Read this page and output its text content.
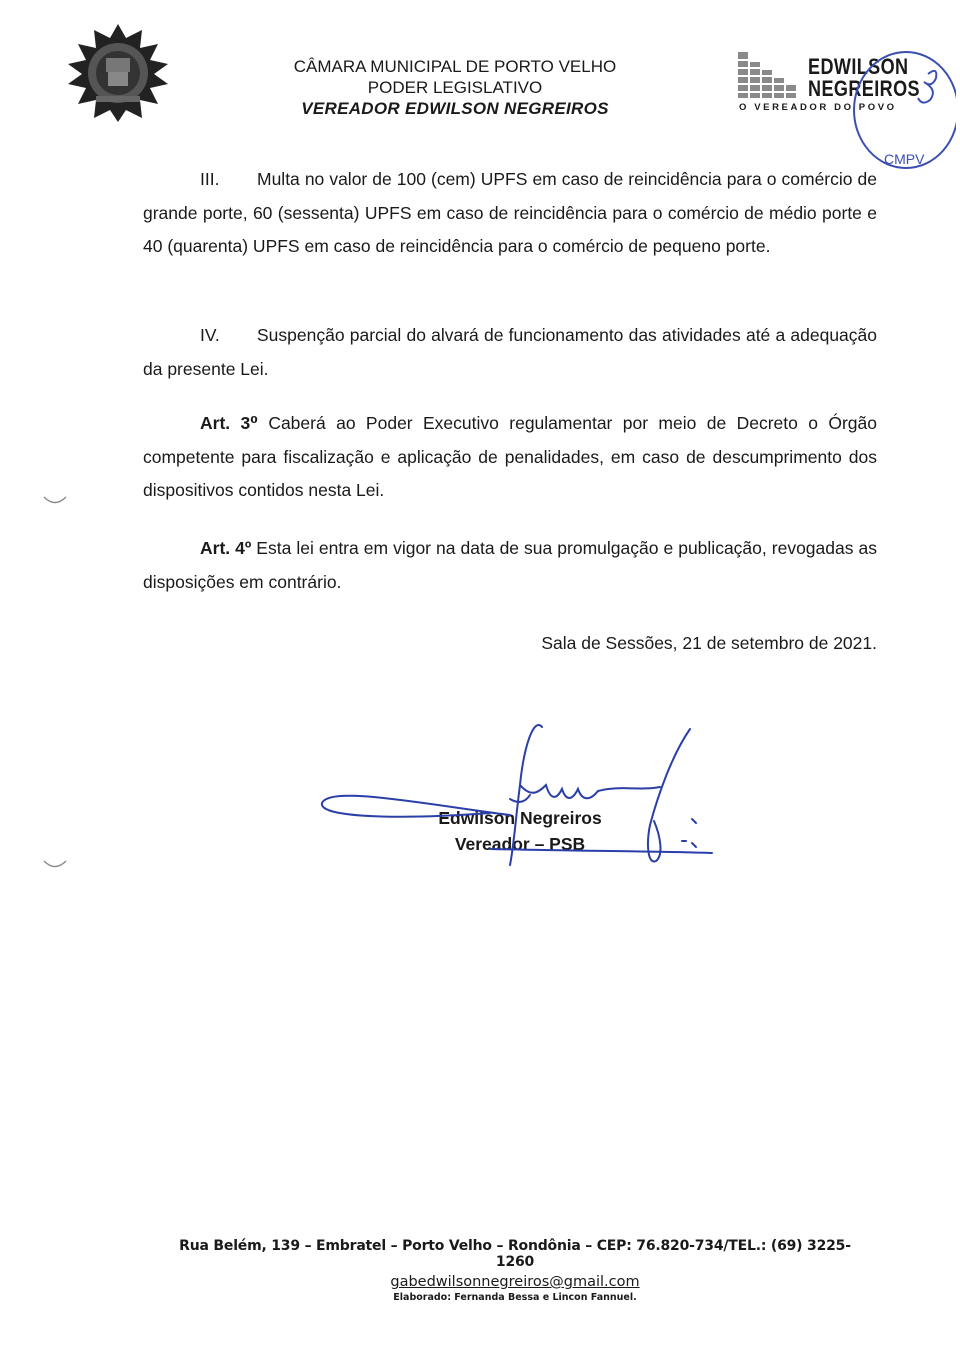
CÂMARA MUNICIPAL DE PORTO VELHO
PODER LEGISLATIVO
VEREADOR EDWILSON NEGREIROS
EDWILSON
NEGREIROS
O VEREADOR DO POVO
CMPV
III. Multa no valor de 100 (cem) UPFS em caso de reincidência para o comércio de grande porte, 60 (sessenta) UPFS em caso de reincidência para o comércio de médio porte e 40 (quarenta) UPFS em caso de reincidência para o comércio de pequeno porte.
IV. Suspenção parcial do alvará de funcionamento das atividades até a adequação da presente Lei.
Art. 3⁰ Caberá ao Poder Executivo regulamentar por meio de Decreto o Órgão competente para fiscalização e aplicação de penalidades, em caso de descumprimento dos dispositivos contidos nesta Lei.
Art. 4º Esta lei entra em vigor na data de sua promulgação e publicação, revogadas as disposições em contrário.
Sala de Sessões, 21 de setembro de 2021.
Edwilson Negreiros
Vereador – PSB
Rua Belém, 139 – Embratel – Porto Velho – Rondônia – CEP: 76.820-734/TEL.: (69) 3225-1260
gabedwilsonnegreiros@gmail.com
Elaborado: Fernanda Bessa e Lincon Fannuel.
